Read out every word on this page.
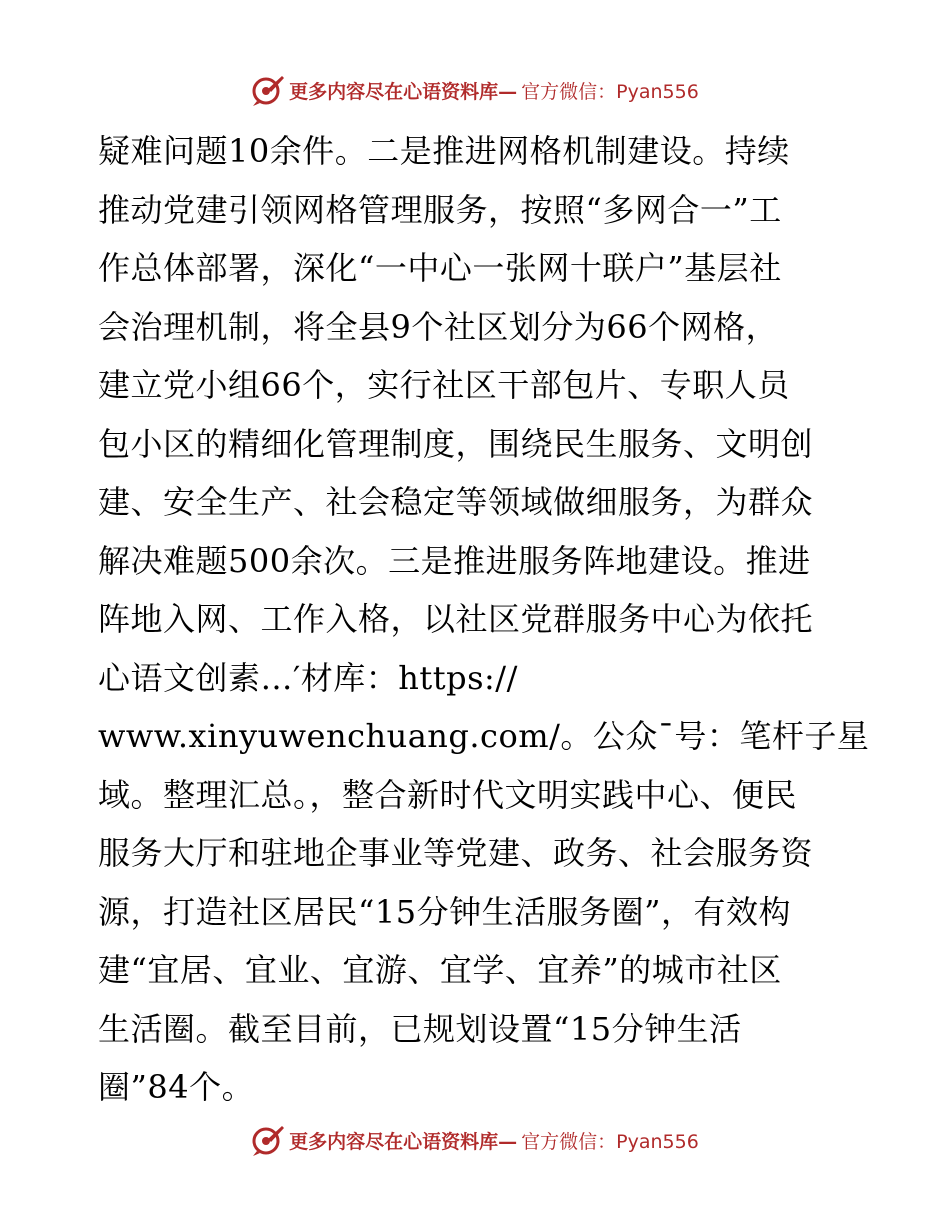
更多内容尽在心语资料库— 官方微信：Pyan556
疑难问题10余件。二是推进网格机制建设。持续
推动党建引领网格管理服务，按照“多网合一”工
作总体部署，深化“一中心一张网十联户”基层社
会治理机制，将全县9个社区划分为66个网格，
建立党小组66个，实行社区干部包片、专职人员
包小区的精细化管理制度，围绕民生服务、文明创
建、安全生产、社会稳定等领域做细服务，为群众
解决难题500余次。三是推进服务阵地建设。推进
阵地入网、工作入格，以社区党群服务中心为依托
心语文创素…′材库：https://
www.xinyuwenchuang.com/。公众¯号：笔杆子星
域。整理汇总。，整合新时代文明实践中心、便民
服务大厅和驻地企事业等党建、政务、社会服务资
源，打造社区居民“15分钟生活服务圈”，有效构
建“宜居、宜业、宜游、宜学、宜养”的城市社区
生活圈。截至目前，已规划设置“15分钟生活
圈”84个。
更多内容尽在心语资料库— 官方微信：Pyan556
